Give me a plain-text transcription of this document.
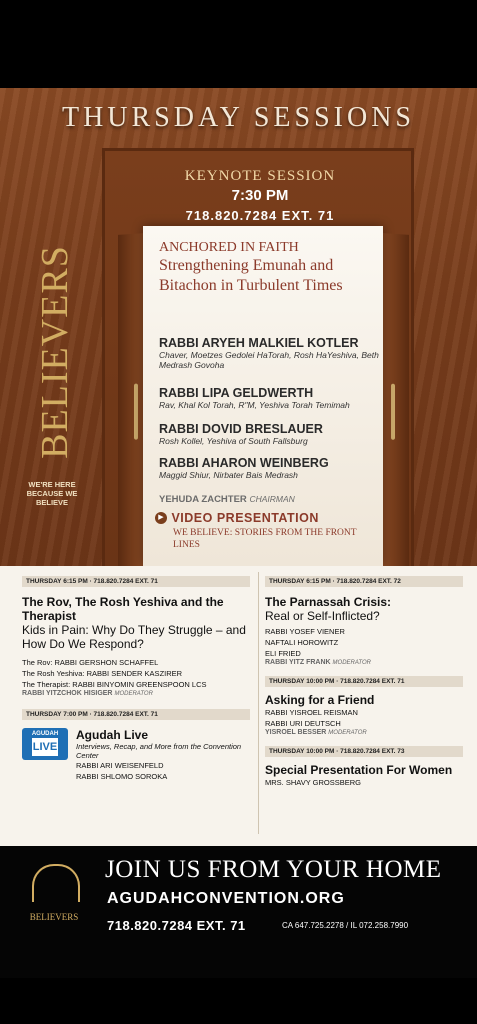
THURSDAY SESSIONS
KEYNOTE SESSION
7:30 PM
718.820.7284 EXT. 71
ANCHORED IN FAITH
Strengthening Emunah and Bitachon in Turbulent Times
RABBI ARYEH MALKIEL KOTLER
Chaver, Moetzes Gedolei HaTorah, Rosh HaYeshiva, Beth Medrash Govoha
RABBI LIPA GELDWERTH
Rav, Khal Kol Torah, R"M, Yeshiva Torah Temimah
RABBI DOVID BRESLAUER
Rosh Kollel, Yeshiva of South Fallsburg
RABBI AHARON WEINBERG
Maggid Shiur, Nirbater Bais Medrash
YEHUDA ZACHTER CHAIRMAN
▶ VIDEO PRESENTATION
WE BELIEVE: STORIES FROM THE FRONT LINES
BELIEVERS
WE'RE HERE BECAUSE WE BELIEVE
THURSDAY 6:15 PM · 718.820.7284 EXT. 71
The Rov, The Rosh Yeshiva and the Therapist
Kids in Pain: Why Do They Struggle – and How Do We Respond?
The Rov: RABBI GERSHON SCHAFFEL
The Rosh Yeshiva: RABBI SENDER KASZIRER
The Therapist: RABBI BINYOMIN GREENSPOON LCS
RABBI YITZCHOK HISIGER MODERATOR
THURSDAY 7:00 PM · 718.820.7284 EXT. 71
AGUDAH
LIVE
Agudah Live
Interviews, Recap, and More from the Convention Center
RABBI ARI WEISENFELD
RABBI SHLOMO SOROKA
THURSDAY 6:15 PM · 718.820.7284 EXT. 72
The Parnassah Crisis:
Real or Self-Inflicted?
RABBI YOSEF VIENER
NAFTALI HOROWITZ
ELI FRIED
RABBI YITZ FRANK MODERATOR
THURSDAY 10:00 PM · 718.820.7284 EXT. 71
Asking for a Friend
RABBI YISROEL REISMAN
RABBI URI DEUTSCH
YISROEL BESSER MODERATOR
THURSDAY 10:00 PM · 718.820.7284 EXT. 73
Special Presentation For Women
MRS. SHAVY GROSSBERG
BELIEVERS
JOIN US FROM YOUR HOME
AGUDAHCONVENTION.ORG
718.820.7284 EXT. 71	CA 647.725.2278 / IL 072.258.7990
